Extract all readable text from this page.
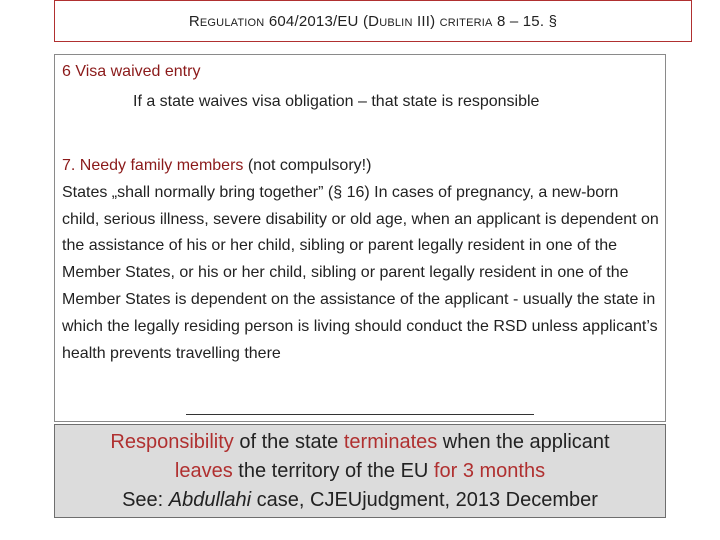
REGULATION 604/2013/EU (DUBLIN III) CRITERIA 8 – 15. §
6 Visa waived entry
If a state waives visa obligation – that state is responsible
7. Needy family members (not compulsory!)
States „shall normally bring together” (§ 16) In cases of pregnancy, a new-born child, serious illness, severe disability or old age, when an applicant is dependent on the assistance of his or her child, sibling or parent legally resident in one of the Member States, or his or her child, sibling or parent legally resident in one of the Member States is dependent on the assistance of the applicant - usually the state in which the legally residing person is living should conduct the RSD unless applicant’s health prevents travelling there
Responsibility of the state terminates when the applicant
leaves the territory of the EU for 3 months
See: Abdullahi case, CJEUjudgment, 2013 December
